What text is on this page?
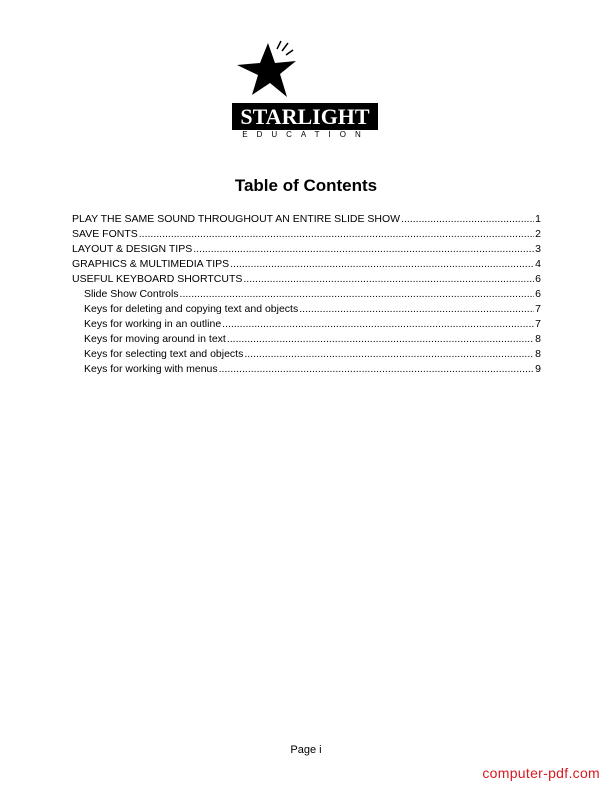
STARLIGHT
EDUCATION
Table of Contents
PLAY THE SAME SOUND THROUGHOUT AN ENTIRE SLIDE SHOW .....	1
SAVE FONTS .....	2
LAYOUT & DESIGN TIPS .....	3
GRAPHICS & MULTIMEDIA TIPS .....	4
USEFUL KEYBOARD SHORTCUTS .....	6
Slide Show Controls .....	6
Keys for deleting and copying text and objects .....	7
Keys for working in an outline .....	7
Keys for moving around in text .....	8
Keys for selecting text and objects .....	8
Keys for working with menus .....	9
Page i
computer-pdf.com
